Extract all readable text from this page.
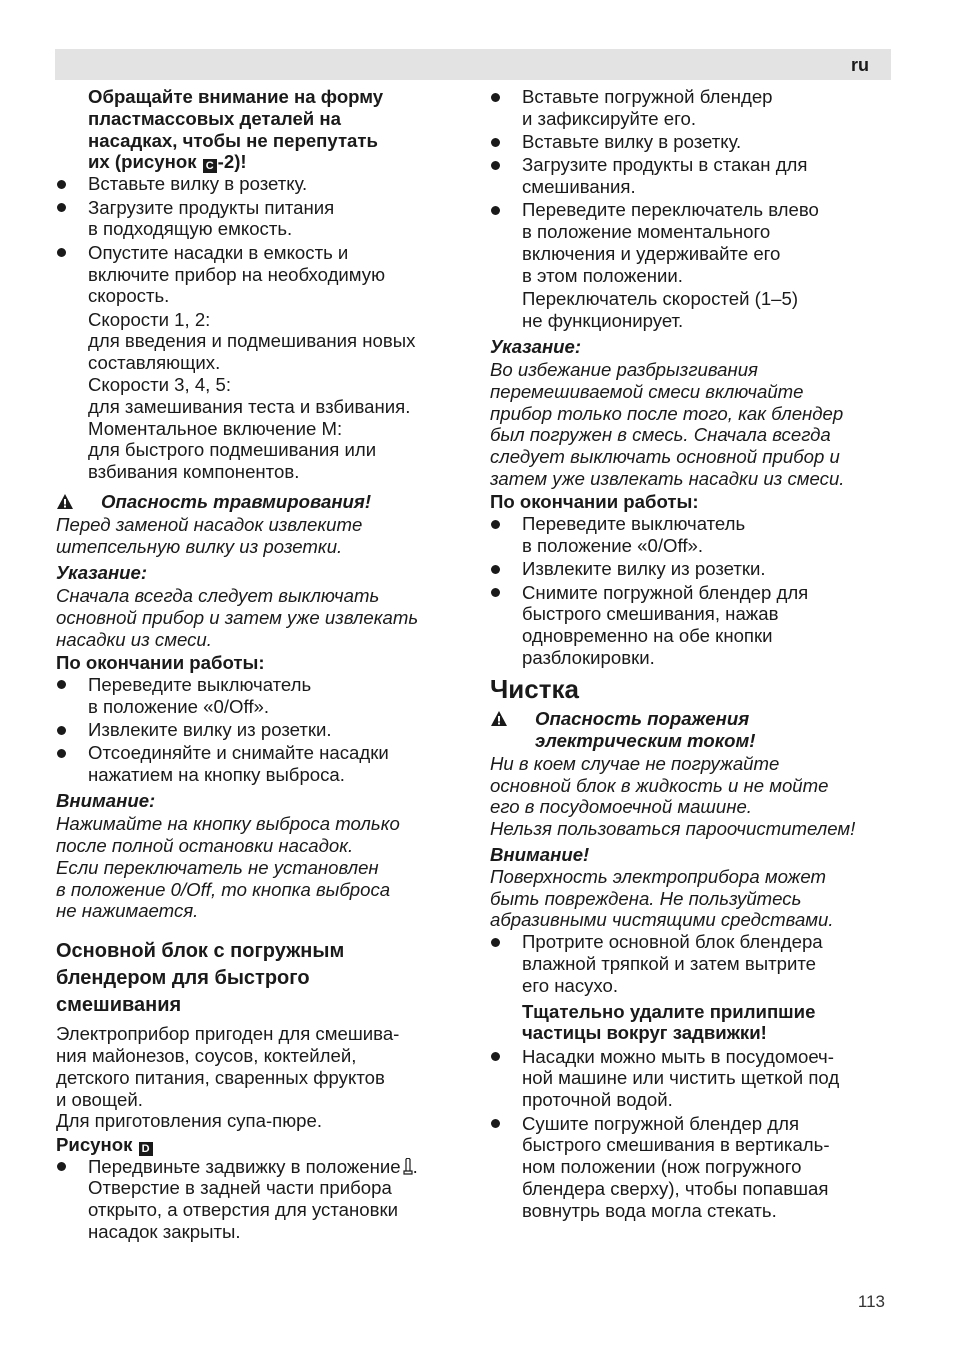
ru
Обращайте внимание на форму
пластмассовых деталей на
насадках, чтобы не перепутать
их (рисунок C -2)!
Вставьте вилку в розетку.
Загрузите продукты питания
в подходящую емкость.
Опустите насадки в емкость и
включите прибор на необходимую
скорость.
Скорости 1, 2:
для введения и подмешивания новых
составляющих.
Скорости 3, 4, 5:
для замешивания теста и взбивания.
Моментальное включение M:
для быстрого подмешивания или
взбивания компонентов.
Опасность травмирования!
Перед заменой насадок извлеките
штепсельную вилку из розетки.
Указание:
Сначала всегда следует выключать
основной прибор и затем уже извлекать
насадки из смеси.
По окончании работы:
Переведите выключатель
в положение «0/Off».
Извлеките вилку из розетки.
Отсоединяйте и снимайте насадки
нажатием на кнопку выброса.
Внимание:
Нажимайте на кнопку выброса только
после полной остановки насадок.
Если переключатель не установлен
в положение 0/Off, то кнопка выброса
не нажимается.
Основной блок с погружным
блендером для быстрого
смешивания
Электроприбор пригоден для смешива-
ния майонезов, соусов, коктейлей,
детского питания, сваренных фруктов
и овощей.
Для приготовления супа-пюре.
Рисунок D
Передвиньте задвижку в положение .
Отверстие в задней части прибора
открыто, а отверстия для установки
насадок закрыты.
Вставьте погружной блендер
и зафиксируйте его.
Вставьте вилку в розетку.
Загрузите продукты в стакан для
смешивания.
Переведите переключатель влево
в положение моментального
включения и удерживайте его
в этом положении.
Переключатель скоростей (1–5)
не функционирует.
Указание:
Во избежание разбрызгивания
перемешиваемой смеси включайте
прибор только после того, как блендер
был погружен в смесь. Сначала всегда
следует выключать основной прибор и
затем уже извлекать насадки из смеси.
По окончании работы:
Переведите выключатель
в положение «0/Off».
Извлеките вилку из розетки.
Снимите погружной блендер для
быстрого смешивания, нажав
одновременно на обе кнопки
разблокировки.
Чистка
Опасность поражения
электрическим током!
Ни в коем случае не погружайте
основной блок в жидкость и не мойте
его в посудомоечной машине.
Нельзя пользоваться пароочистителем!
Внимание!
Поверхность электроприбора может
быть повреждена. Не пользуйтесь
абразивными чистящими средствами.
Протрите основной блок блендера
влажной тряпкой и затем вытрите
его насухо.
Тщательно удалите прилипшие
частицы вокруг задвижки!
Насадки можно мыть в посудомоеч-
ной машине или чистить щеткой под
проточной водой.
Сушите погружной блендер для
быстрого смешивания в вертикаль-
ном положении (нож погружного
блендера сверху), чтобы попавшая
вовнутрь вода могла стекать.
113
